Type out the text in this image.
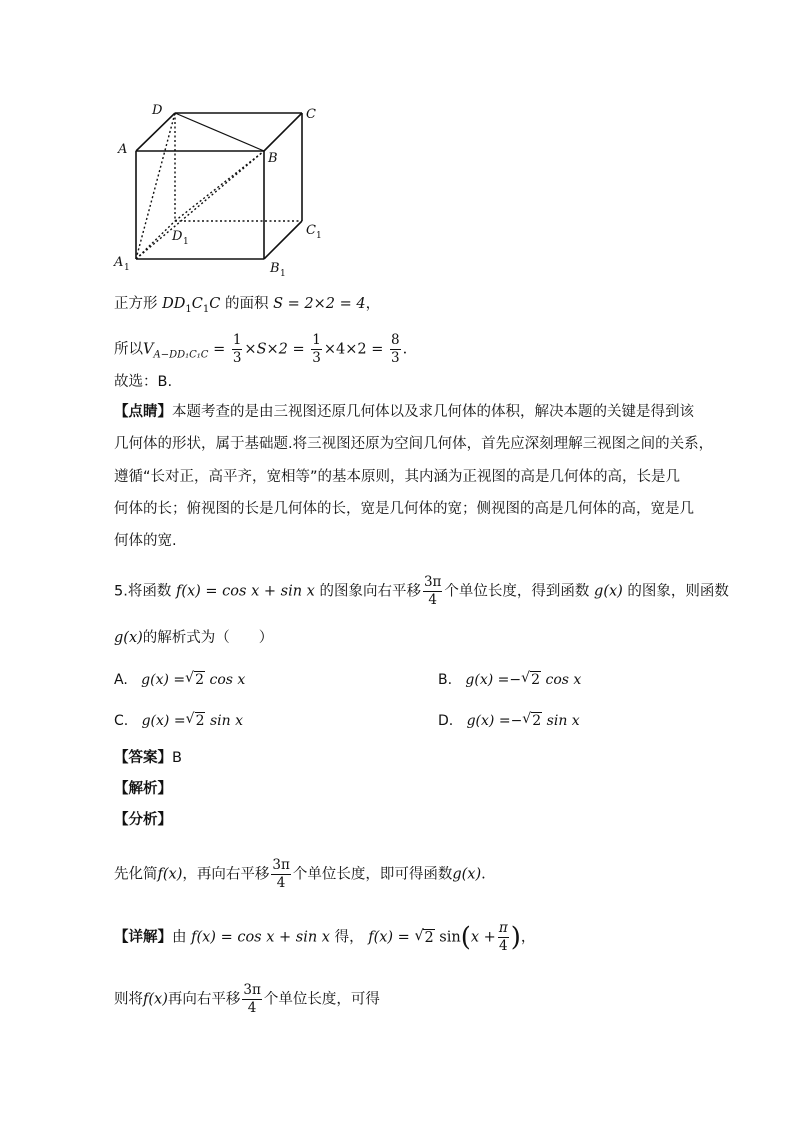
D	C
A
B
D 1
C 1
A 1	B 1
正方形 $DD_1C_1C$ 的面积 S = 2×2 = 4，
所以$V_{A-DD_1C_1C} = \frac{1}{3} \times S\times 2 = \frac{1}{3} \times 4\times 2 = \frac{8}{3}$ .
故选：B.
【点睛】本题考查的是由三视图还原几何体以及求几何体的体积，解决本题的关键是得到该
几何体的形状，属于基础题.将三视图还原为空间几何体，首先应深刻理解三视图之间的关系，
遵循“长对正，高平齐，宽相等”的基本原则，其内涵为正视图的高是几何体的高，长是几
何体的长；俯视图的长是几何体的长，宽是几何体的宽；侧视图的高是几何体的高，宽是几
何体的宽.
5.将函数 f(x) = cos x + sin x 的图象向右平移 $\frac{3\pi}{4}$ 个单位长度，得到函数 g(x) 的图象，则函数
g(x)的解析式为（　　）
A. g(x) = √ 2 cos x	B. g(x) =− √ 2 cos x
C. g(x) = √ 2 sin x	D. g(x) =− √ 2 sin x
【答案】B
【解析】
【分析】
先化简f(x)，再向右平移 $\frac{3\pi}{4}$ 个单位长度，即可得函数g(x).
【详解】由 f(x) = cos x + sin x 得， f(x) = √ 2 $\sin(x + \frac{\pi}{4}$ )，
则将f(x)再向右平移 $\frac{3\pi}{4}$ 个单位长度，可得
